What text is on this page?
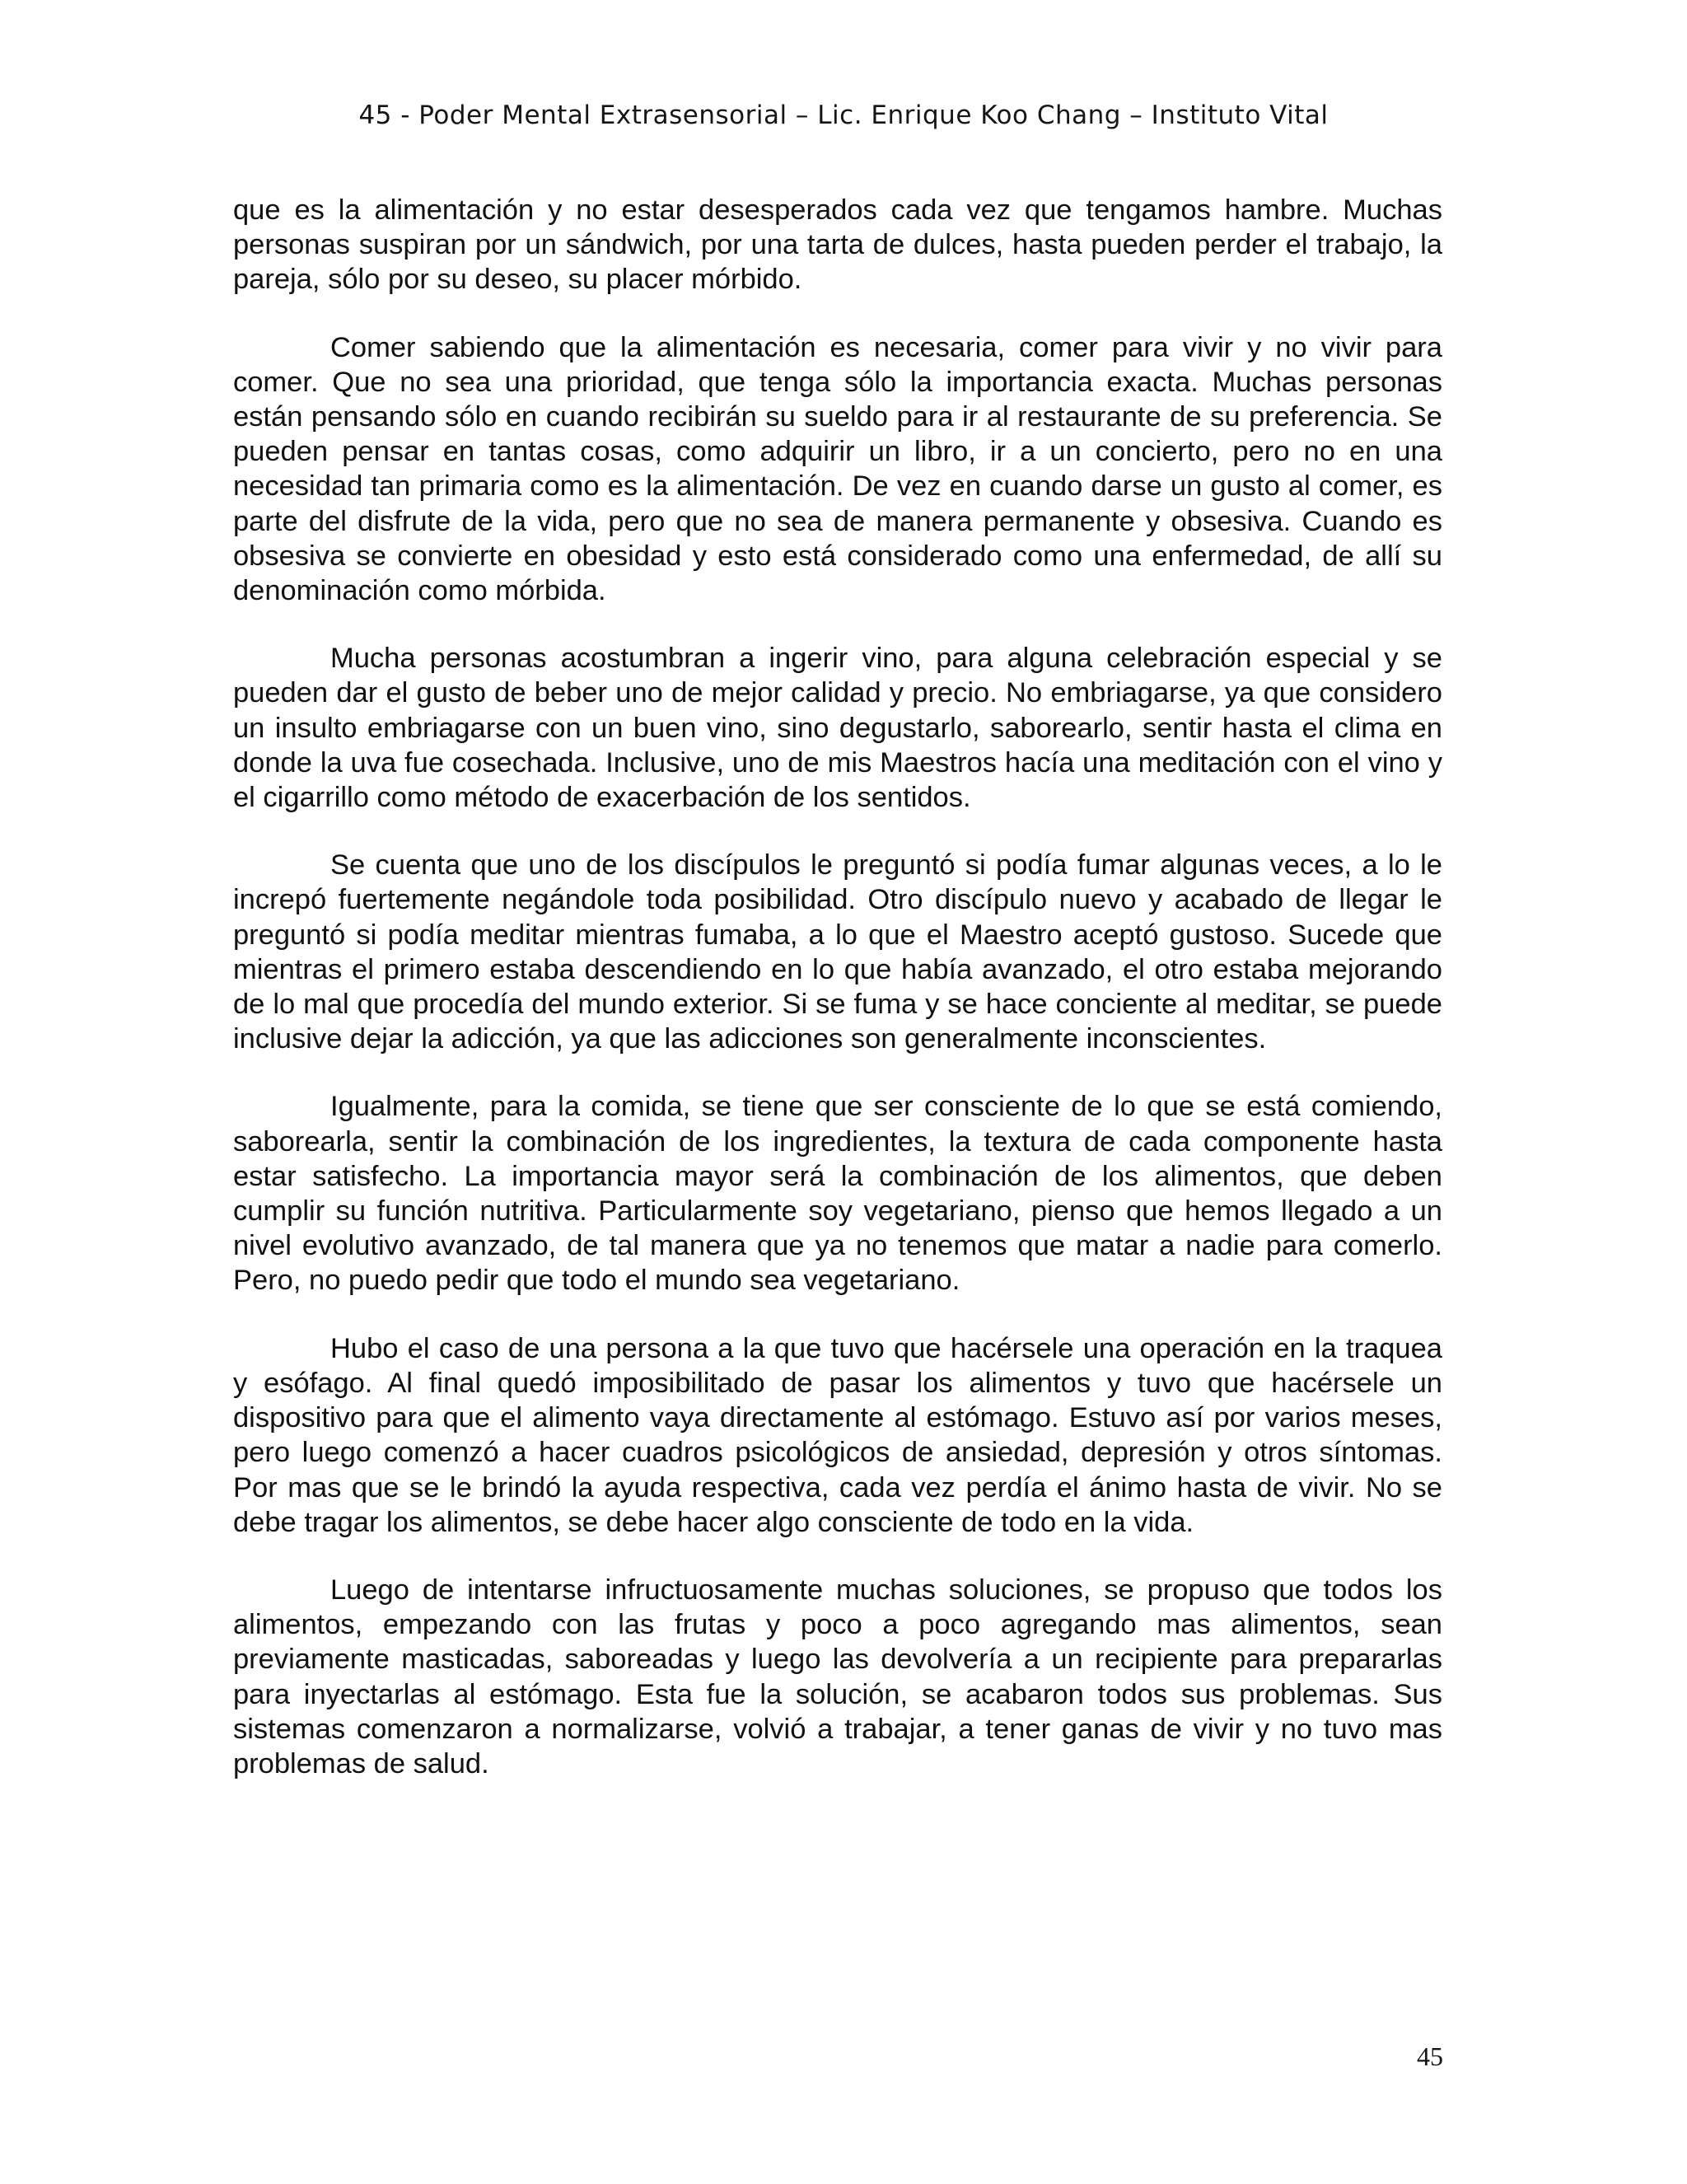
45 - Poder Mental Extrasensorial – Lic. Enrique Koo Chang – Instituto Vital

que es la alimentación y no estar desesperados cada vez que tengamos hambre. Muchas personas suspiran por un sándwich, por una tarta de dulces, hasta pueden perder el trabajo, la pareja, sólo por su deseo, su placer mórbido.

Comer sabiendo que la alimentación es necesaria, comer para vivir y no vivir para comer. Que no sea una prioridad, que tenga sólo la importancia exacta. Muchas personas están pensando sólo en cuando recibirán su sueldo para ir al restaurante de su preferencia. Se pueden pensar en tantas cosas, como adquirir un libro, ir a un concierto, pero no en una necesidad tan primaria como es la alimentación. De vez en cuando darse un gusto al comer, es parte del disfrute de la vida, pero que no sea de manera permanente y obsesiva. Cuando es obsesiva se convierte en obesidad y esto está considerado como una enfermedad, de allí su denominación como mórbida.

Mucha personas acostumbran a ingerir vino, para alguna celebración especial y se pueden dar el gusto de beber uno de mejor calidad y precio. No embriagarse, ya que considero un insulto embriagarse con un buen vino, sino degustarlo, saborearlo, sentir hasta el clima en donde la uva fue cosechada. Inclusive, uno de mis Maestros hacía una meditación con el vino y el cigarrillo como método de exacerbación de los sentidos.

Se cuenta que uno de los discípulos le preguntó si podía fumar algunas veces, a lo le increpó fuertemente negándole toda posibilidad. Otro discípulo nuevo y acabado de llegar le preguntó si podía meditar mientras fumaba, a lo que el Maestro aceptó gustoso. Sucede que mientras el primero estaba descendiendo en lo que había avanzado, el otro estaba mejorando de lo mal que procedía del mundo exterior. Si se fuma y se hace conciente al meditar, se puede inclusive dejar la adicción, ya que las adicciones son generalmente inconscientes.

Igualmente, para la comida, se tiene que ser consciente de lo que se está comiendo, saborearla, sentir la combinación de los ingredientes, la textura de cada componente hasta estar satisfecho. La importancia mayor será la combinación de los alimentos, que deben cumplir su función nutritiva. Particularmente soy vegetariano, pienso que hemos llegado a un nivel evolutivo avanzado, de tal manera que ya no tenemos que matar a nadie para comerlo. Pero, no puedo pedir que todo el mundo sea vegetariano.

Hubo el caso de una persona a la que tuvo que hacérsele una operación en la traquea y esófago. Al final quedó imposibilitado de pasar los alimentos y tuvo que hacérsele un dispositivo para que el alimento vaya directamente al estómago. Estuvo así por varios meses, pero luego comenzó a hacer cuadros psicológicos de ansiedad, depresión y otros síntomas. Por mas que se le brindó la ayuda respectiva, cada vez perdía el ánimo hasta de vivir. No se debe tragar los alimentos, se debe hacer algo consciente de todo en la vida.

Luego de intentarse infructuosamente muchas soluciones, se propuso que todos los alimentos, empezando con las frutas y poco a poco agregando mas alimentos, sean previamente masticadas, saboreadas y luego las devolvería a un recipiente para prepararlas para inyectarlas al estómago. Esta fue la solución, se acabaron todos sus problemas. Sus sistemas comenzaron a normalizarse, volvió a trabajar, a tener ganas de vivir y no tuvo mas problemas de salud.

45
